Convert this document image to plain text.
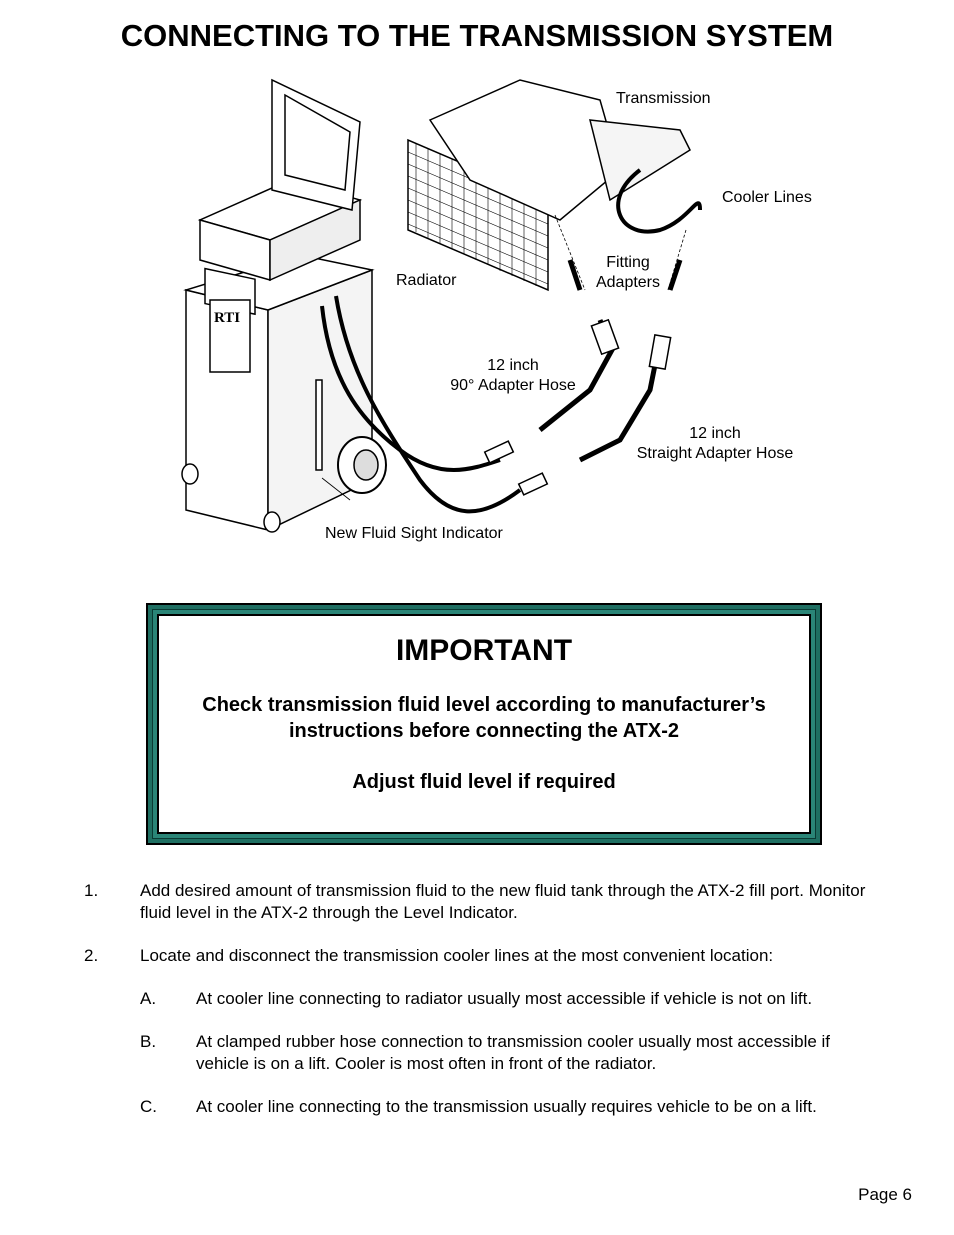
CONNECTING TO THE TRANSMISSION SYSTEM
RTI
Transmission
Cooler Lines
Radiator
Fitting
Adapters
12 inch
90° Adapter Hose
12 inch
Straight Adapter Hose
New Fluid Sight Indicator
IMPORTANT
Check transmission fluid level according to manufacturer’s
instructions before connecting the ATX-2
Adjust fluid level if required
1. Add desired amount of transmission fluid to the new fluid tank through the ATX-2 fill port. Monitor
fluid level in the ATX-2 through the Level Indicator.
2. Locate and disconnect the transmission cooler lines at the most convenient location:
A. At cooler line connecting to radiator usually most accessible if vehicle is not on lift.
B. At clamped rubber hose connection to transmission cooler usually most accessible if
vehicle is on a lift. Cooler is most often in front of the radiator.
C. At cooler line connecting to the transmission usually requires vehicle to be on a lift.
Page 6
